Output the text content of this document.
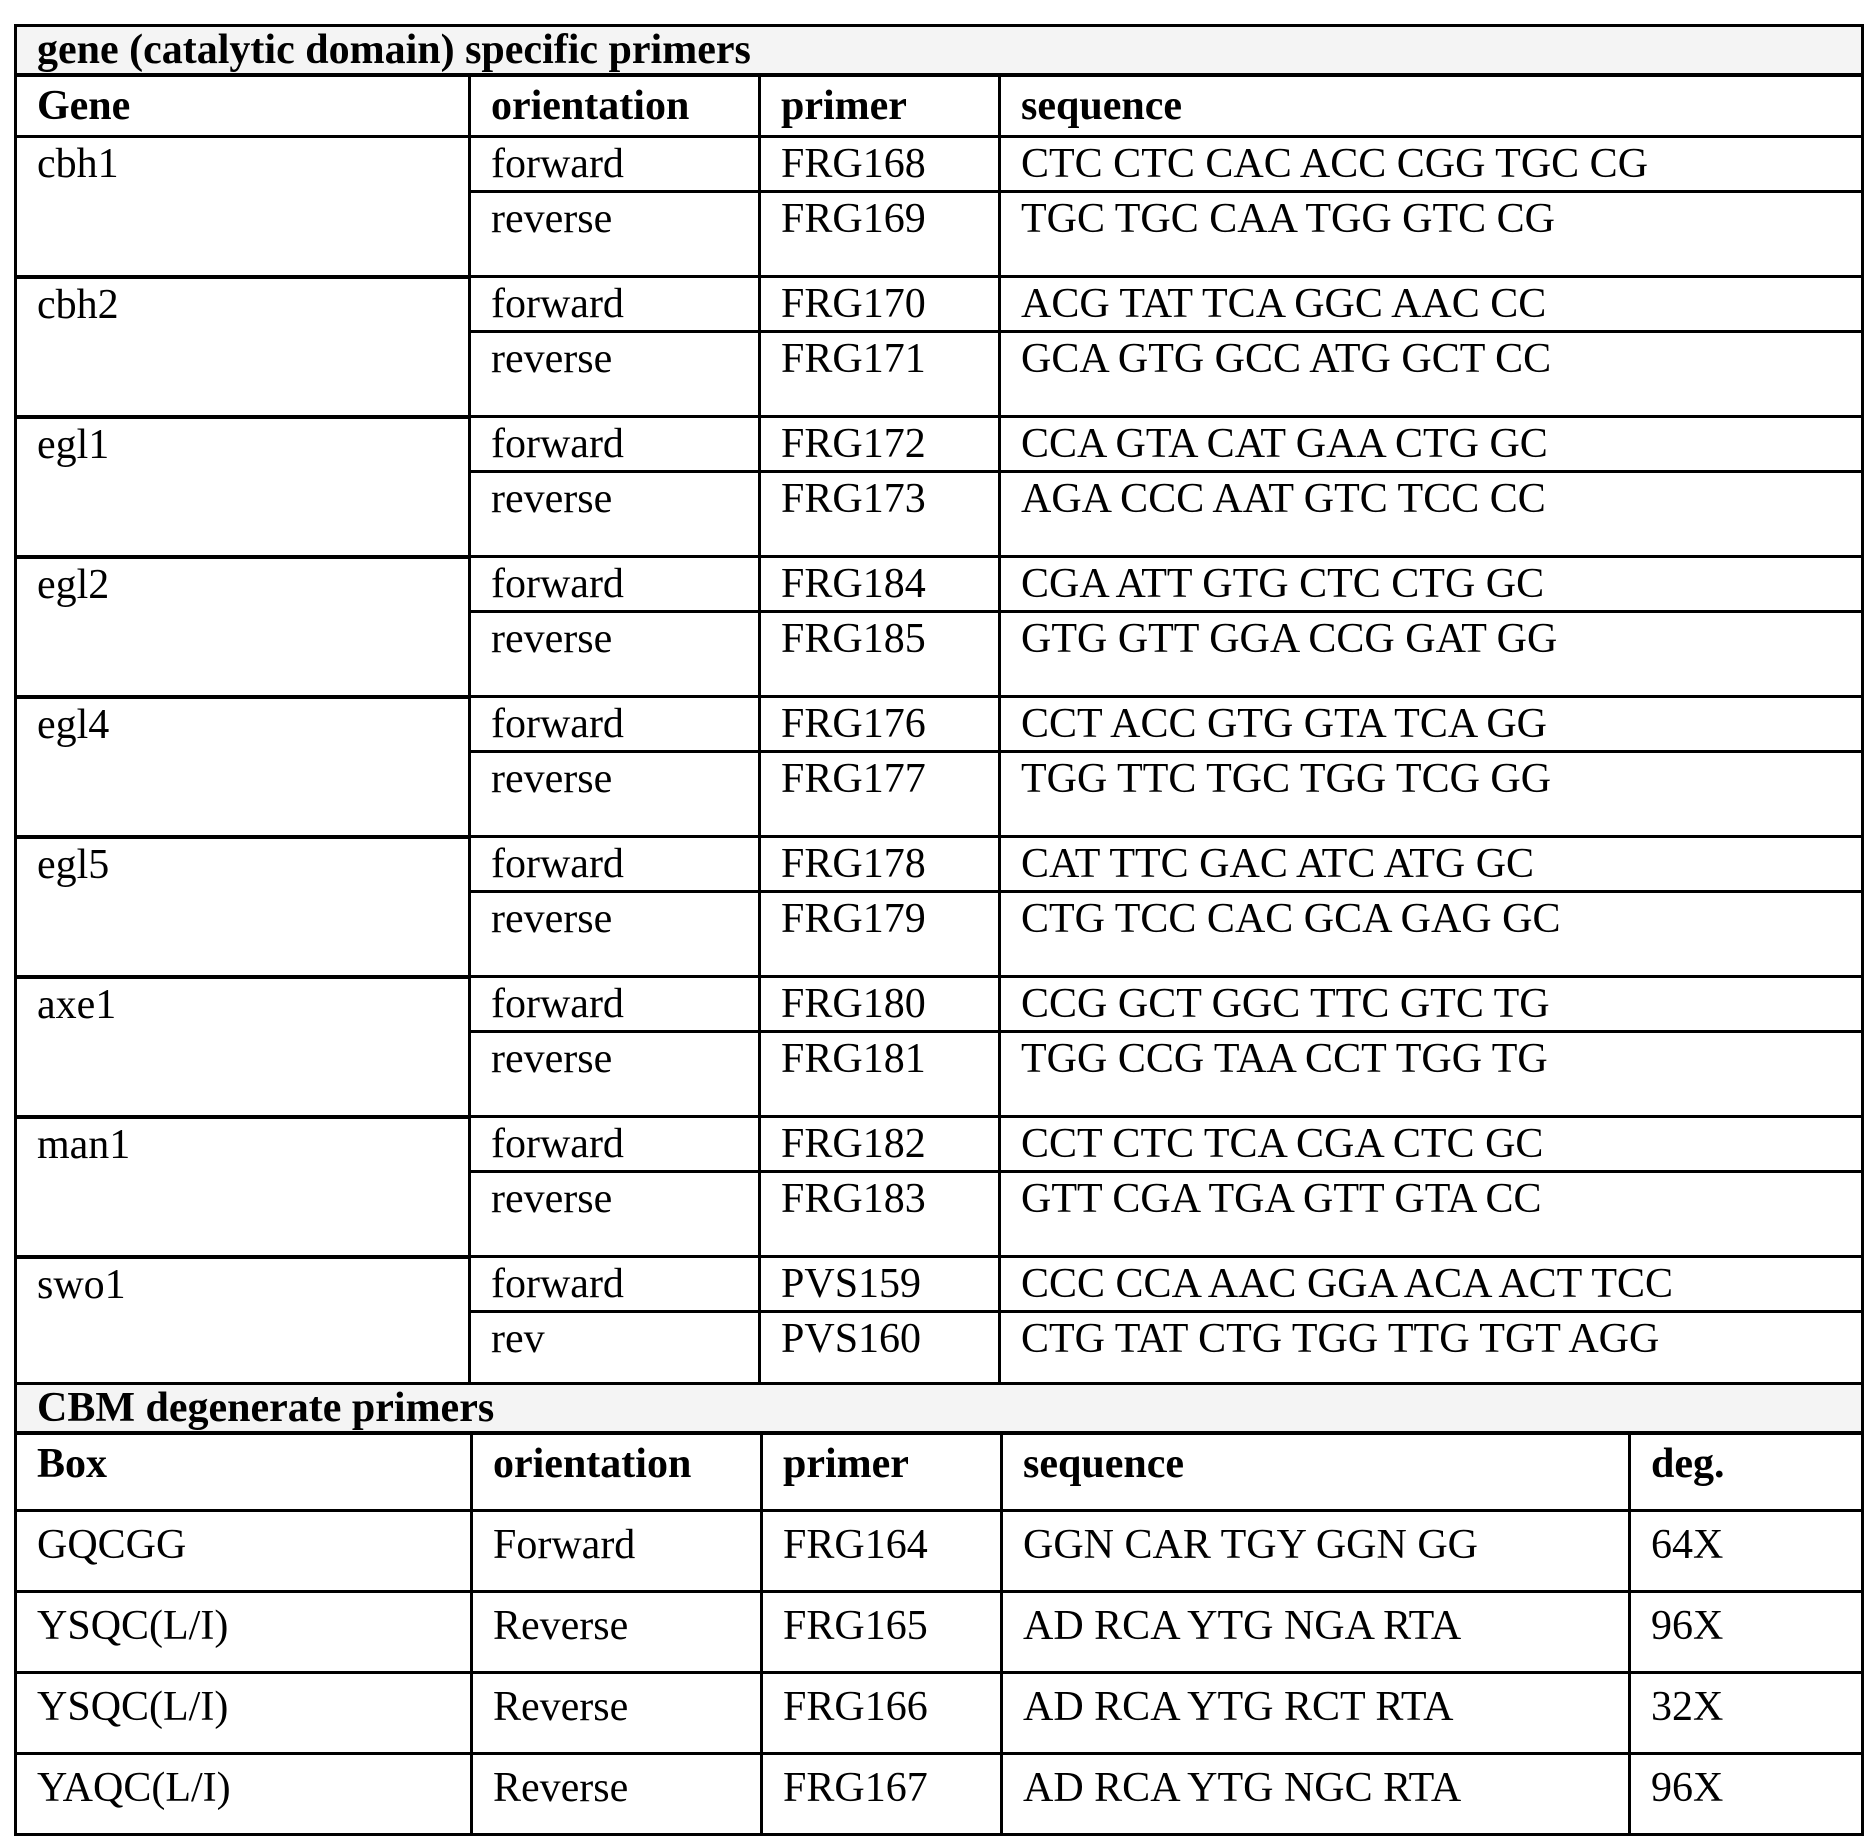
gene (catalytic domain) specific primers
Gene	orientation	primer	sequence
cbh1	forward	FRG168	CTC CTC CAC ACC CGG TGC CG
reverse	FRG169	TGC TGC CAA TGG GTC CG
cbh2	forward	FRG170	ACG TAT TCA GGC AAC CC
reverse	FRG171	GCA GTG GCC ATG GCT CC
egl1	forward	FRG172	CCA GTA CAT GAA CTG GC
reverse	FRG173	AGA CCC AAT GTC TCC CC
egl2	forward	FRG184	CGA ATT GTG CTC CTG GC
reverse	FRG185	GTG GTT GGA CCG GAT GG
egl4	forward	FRG176	CCT ACC GTG GTA TCA GG
reverse	FRG177	TGG TTC TGC TGG TCG GG
egl5	forward	FRG178	CAT TTC GAC ATC ATG GC
reverse	FRG179	CTG TCC CAC GCA GAG GC
axe1	forward	FRG180	CCG GCT GGC TTC GTC TG
reverse	FRG181	TGG CCG TAA CCT TGG TG
man1	forward	FRG182	CCT CTC TCA CGA CTC GC
reverse	FRG183	GTT CGA TGA GTT GTA CC
swo1	forward	PVS159	CCC CCA AAC GGA ACA ACT TCC
rev	PVS160	CTG TAT CTG TGG TTG TGT AGG
CBM degenerate primers
Box	orientation	primer	sequence	deg.
GQCGG	Forward	FRG164	GGN CAR TGY GGN GG	64X
YSQC(L/I)	Reverse	FRG165	AD RCA YTG NGA RTA	96X
YSQC(L/I)	Reverse	FRG166	AD RCA YTG RCT RTA	32X
YAQC(L/I)	Reverse	FRG167	AD RCA YTG NGC RTA	96X
